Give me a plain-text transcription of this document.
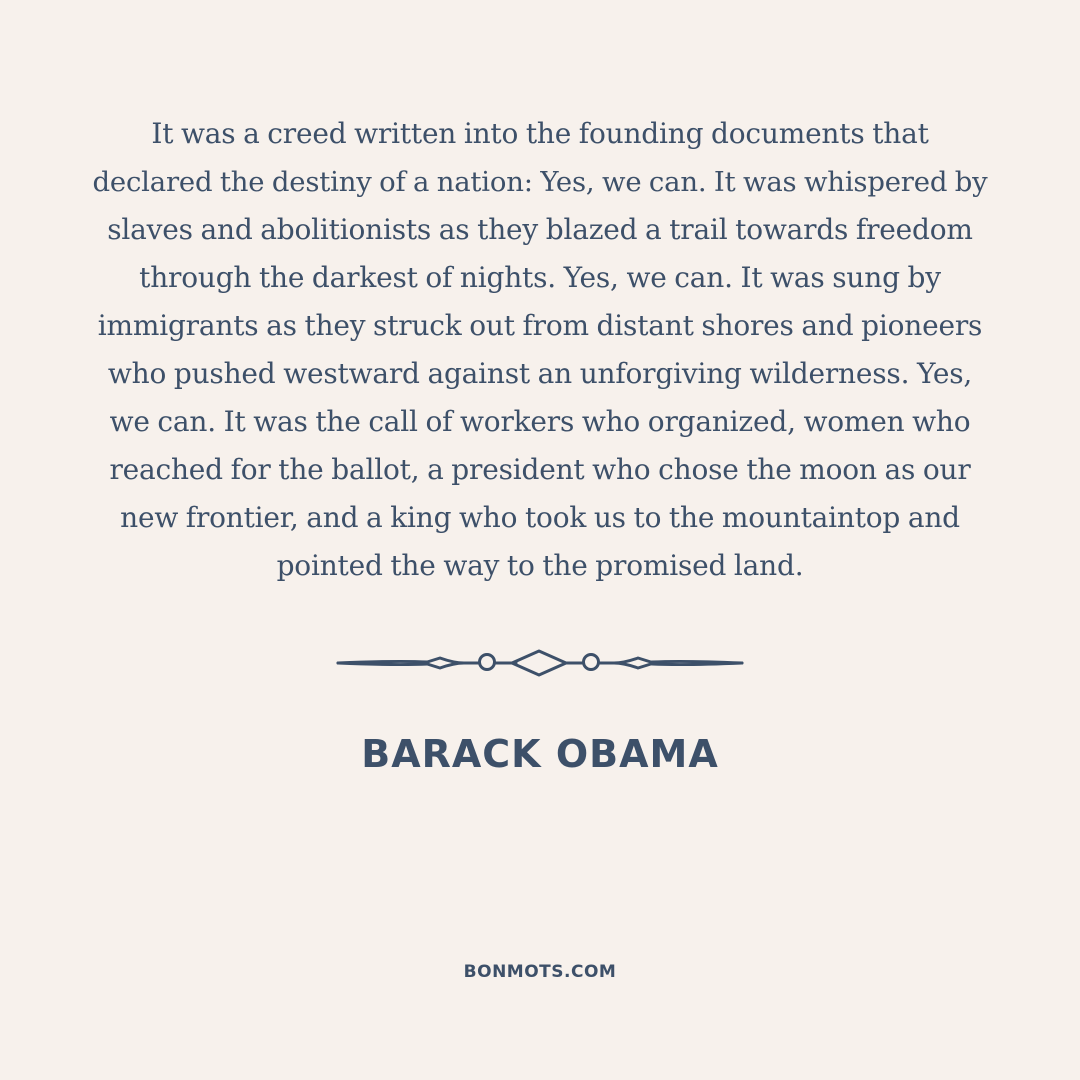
It was a creed written into the founding documents that
declared the destiny of a nation: Yes, we can. It was whispered by
slaves and abolitionists as they blazed a trail towards freedom
through the darkest of nights. Yes, we can. It was sung by
immigrants as they struck out from distant shores and pioneers
who pushed westward against an unforgiving wilderness. Yes,
we can. It was the call of workers who organized, women who
reached for the ballot, a president who chose the moon as our
new frontier, and a king who took us to the mountaintop and
pointed the way to the promised land.

BARACK OBAMA

BONMOTS.COM
